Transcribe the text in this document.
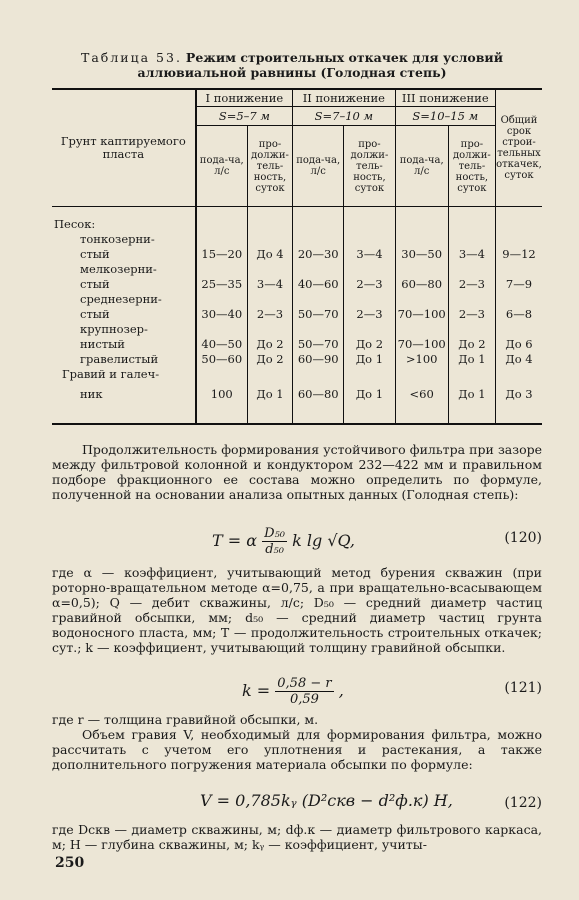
Таблица 53. Режим строительных откачек для условий
аллювиальной равнины (Голодная степь)
Грунт каптируемого пласта	I понижение		II понижение		III понижение		Общий срок строи-тельных откачек, суток
	S=5–7 м		S=7–10 м		S=10–15 м		
	пода-ча, л/с	про-должи-тель-ность, суток	пода-ча, л/с	про-должи-тель-ность, суток	пода-ча, л/с	про-должи-тель-ность, суток	
Песок:							
тонкозерни-							
стый	15—20	До 4	20—30	3—4	30—50	3—4	9—12
мелкозерни-							
стый	25—35	3—4	40—60	2—3	60—80	2—3	7—9
среднезерни-							
стый	30—40	2—3	50—70	2—3	70—100	2—3	6—8
крупнозер-							
нистый	40—50	До 2	50—70	До 2	70—100	До 2	До 6
гравелистый	50—60	До 2	60—90	До 1	>100	До 1	До 4
Гравий и галеч-							
ник	100	До 1	60—80	До 1	<60	До 1	До 3

Продолжительность формирования устойчивого фильтра при зазоре между фильтровой колонной и кондуктором 232—422 мм и правильном подборе фракционного ее состава можно определить по формуле, полученной на основании анализа опытных данных (Голодная степь):
T = α $\frac{\text{D₅₀}}{\text{d₅₀}}$ k lg √Q,	(120)
где α — коэффициент, учитывающий метод бурения скважин (при роторно-вращательном методе α=0,75, а при вращательно-всасывающем α=0,5); Q — дебит скважины, л/с; D₅₀ — средний диаметр частиц гравийной обсыпки, мм; d₅₀ — средний диаметр частиц грунта водоносного пласта, мм; T — продолжительность строительных откачек; сут.; k — коэффициент, учитывающий толщину гравийной обсыпки.
$k = \frac{0,58 - r}{0,59}$ ,	(121)
где r — толщина гравийной обсыпки, м.
Объем гравия V, необходимый для формирования фильтра, можно рассчитать с учетом его уплотнения и растекания, а также дополнительного погружения материала обсыпки по формуле:
V = 0,785kᵧ (D²скв − d²ф.к) H,	(122)
где Dскв — диаметр скважины, м; dф.к — диаметр фильтрового каркаса, м; H — глубина скважины, м; kᵧ — коэффициент, учиты-
250
